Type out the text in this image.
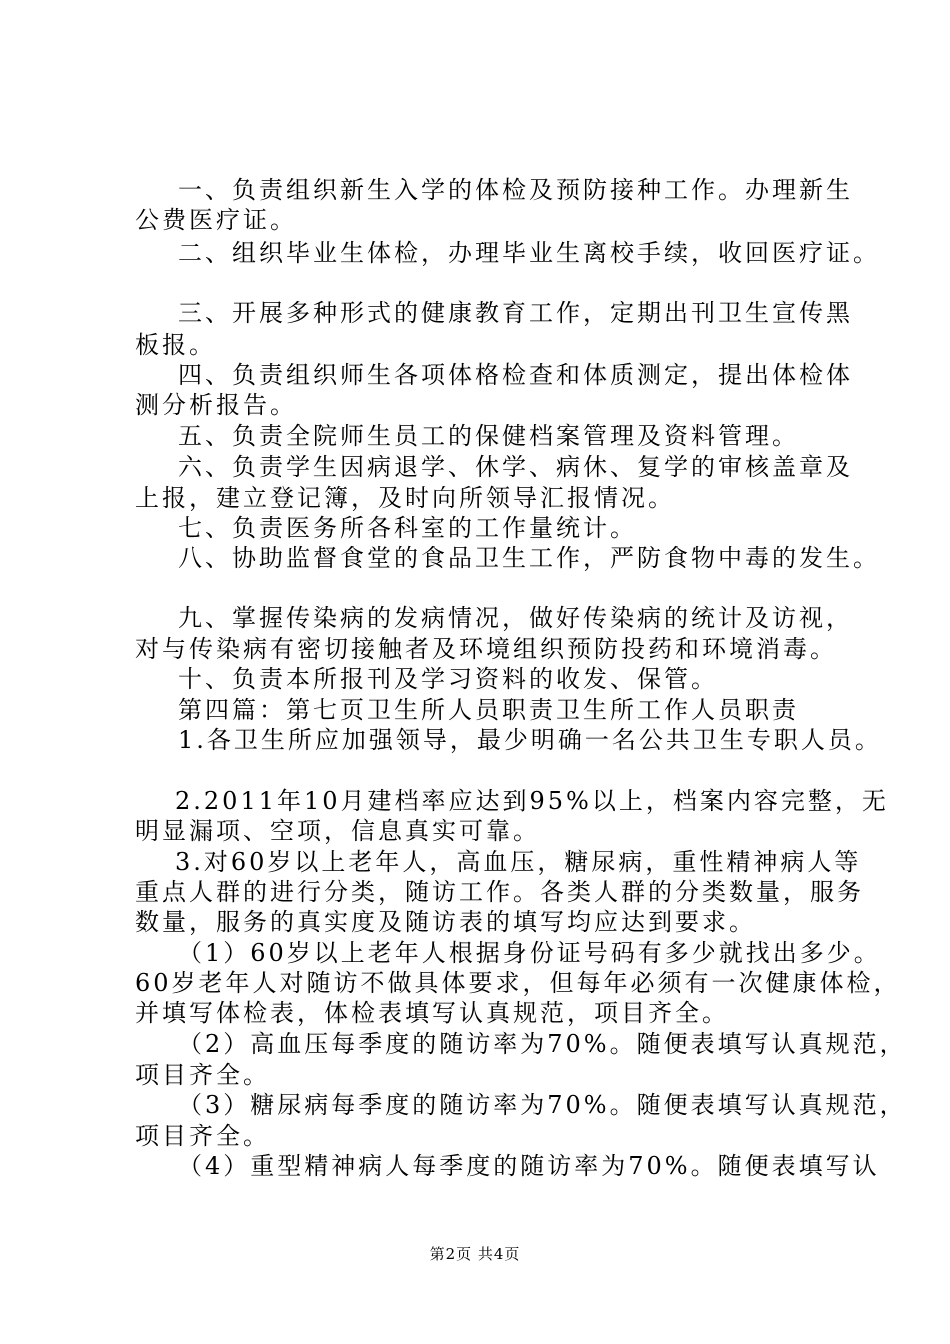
一、负责组织新生入学的体检及预防接种工作。办理新生
公费医疗证。
二、组织毕业生体检，办理毕业生离校手续，收回医疗证。
三、开展多种形式的健康教育工作，定期出刊卫生宣传黑
板报。
四、负责组织师生各项体格检查和体质测定，提出体检体
测分析报告。
五、负责全院师生员工的保健档案管理及资料管理。
六、负责学生因病退学、休学、病休、复学的审核盖章及
上报，建立登记簿，及时向所领导汇报情况。
七、负责医务所各科室的工作量统计。
八、协助监督食堂的食品卫生工作，严防食物中毒的发生。
九、掌握传染病的发病情况，做好传染病的统计及访视，
对与传染病有密切接触者及环境组织预防投药和环境消毒。
十、负责本所报刊及学习资料的收发、保管。
第四篇：第七页卫生所人员职责卫生所工作人员职责
1.各卫生所应加强领导，最少明确一名公共卫生专职人员。
2.2011年10月建档率应达到95%以上，档案内容完整，无
明显漏项、空项，信息真实可靠。
3.对60岁以上老年人，高血压，糖尿病，重性精神病人等
重点人群的进行分类，随访工作。各类人群的分类数量，服务
数量，服务的真实度及随访表的填写均应达到要求。
（1）60岁以上老年人根据身份证号码有多少就找出多少。
60岁老年人对随访不做具体要求，但每年必须有一次健康体检，
并填写体检表，体检表填写认真规范，项目齐全。
（2）高血压每季度的随访率为70%。随便表填写认真规范，
项目齐全。
（3）糖尿病每季度的随访率为70%。随便表填写认真规范，
项目齐全。
（4）重型精神病人每季度的随访率为70%。随便表填写认
第2页 共4页
